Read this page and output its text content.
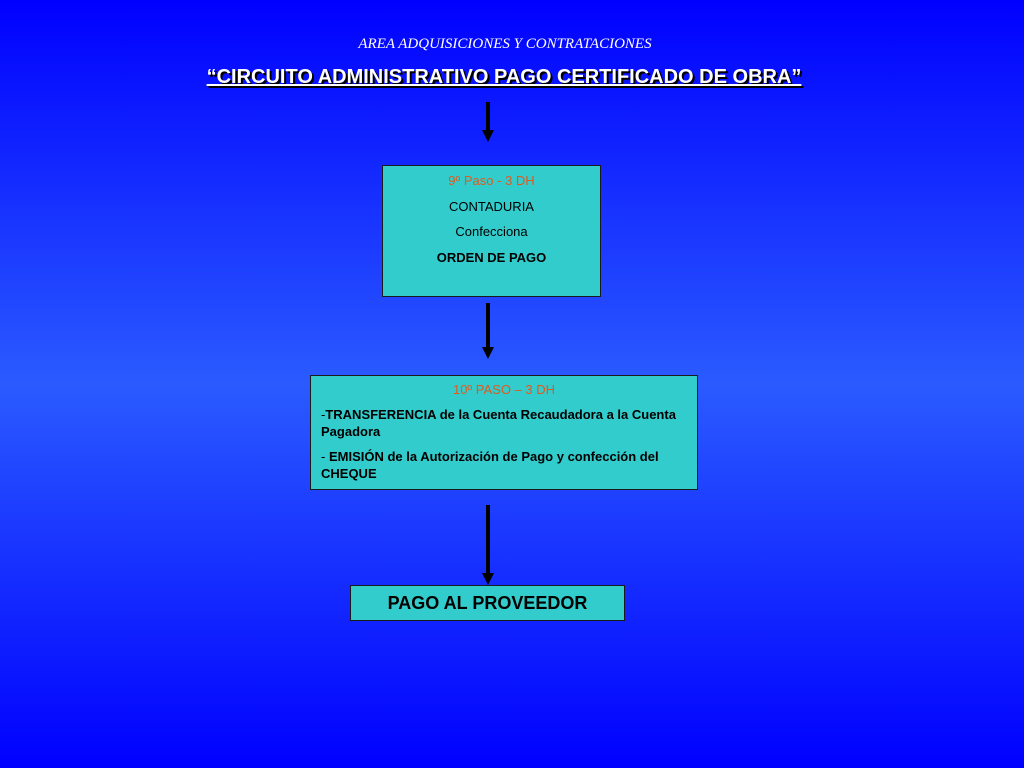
AREA ADQUISICIONES Y CONTRATACIONES
“CIRCUITO ADMINISTRATIVO PAGO CERTIFICADO DE OBRA”
9º Paso - 3 DH
CONTADURIA
Confecciona
ORDEN DE PAGO
10º PASO – 3 DH
-TRANSFERENCIA de la Cuenta Recaudadora a la Cuenta Pagadora
- EMISIÓN de la Autorización de Pago y confección del CHEQUE
PAGO AL PROVEEDOR
